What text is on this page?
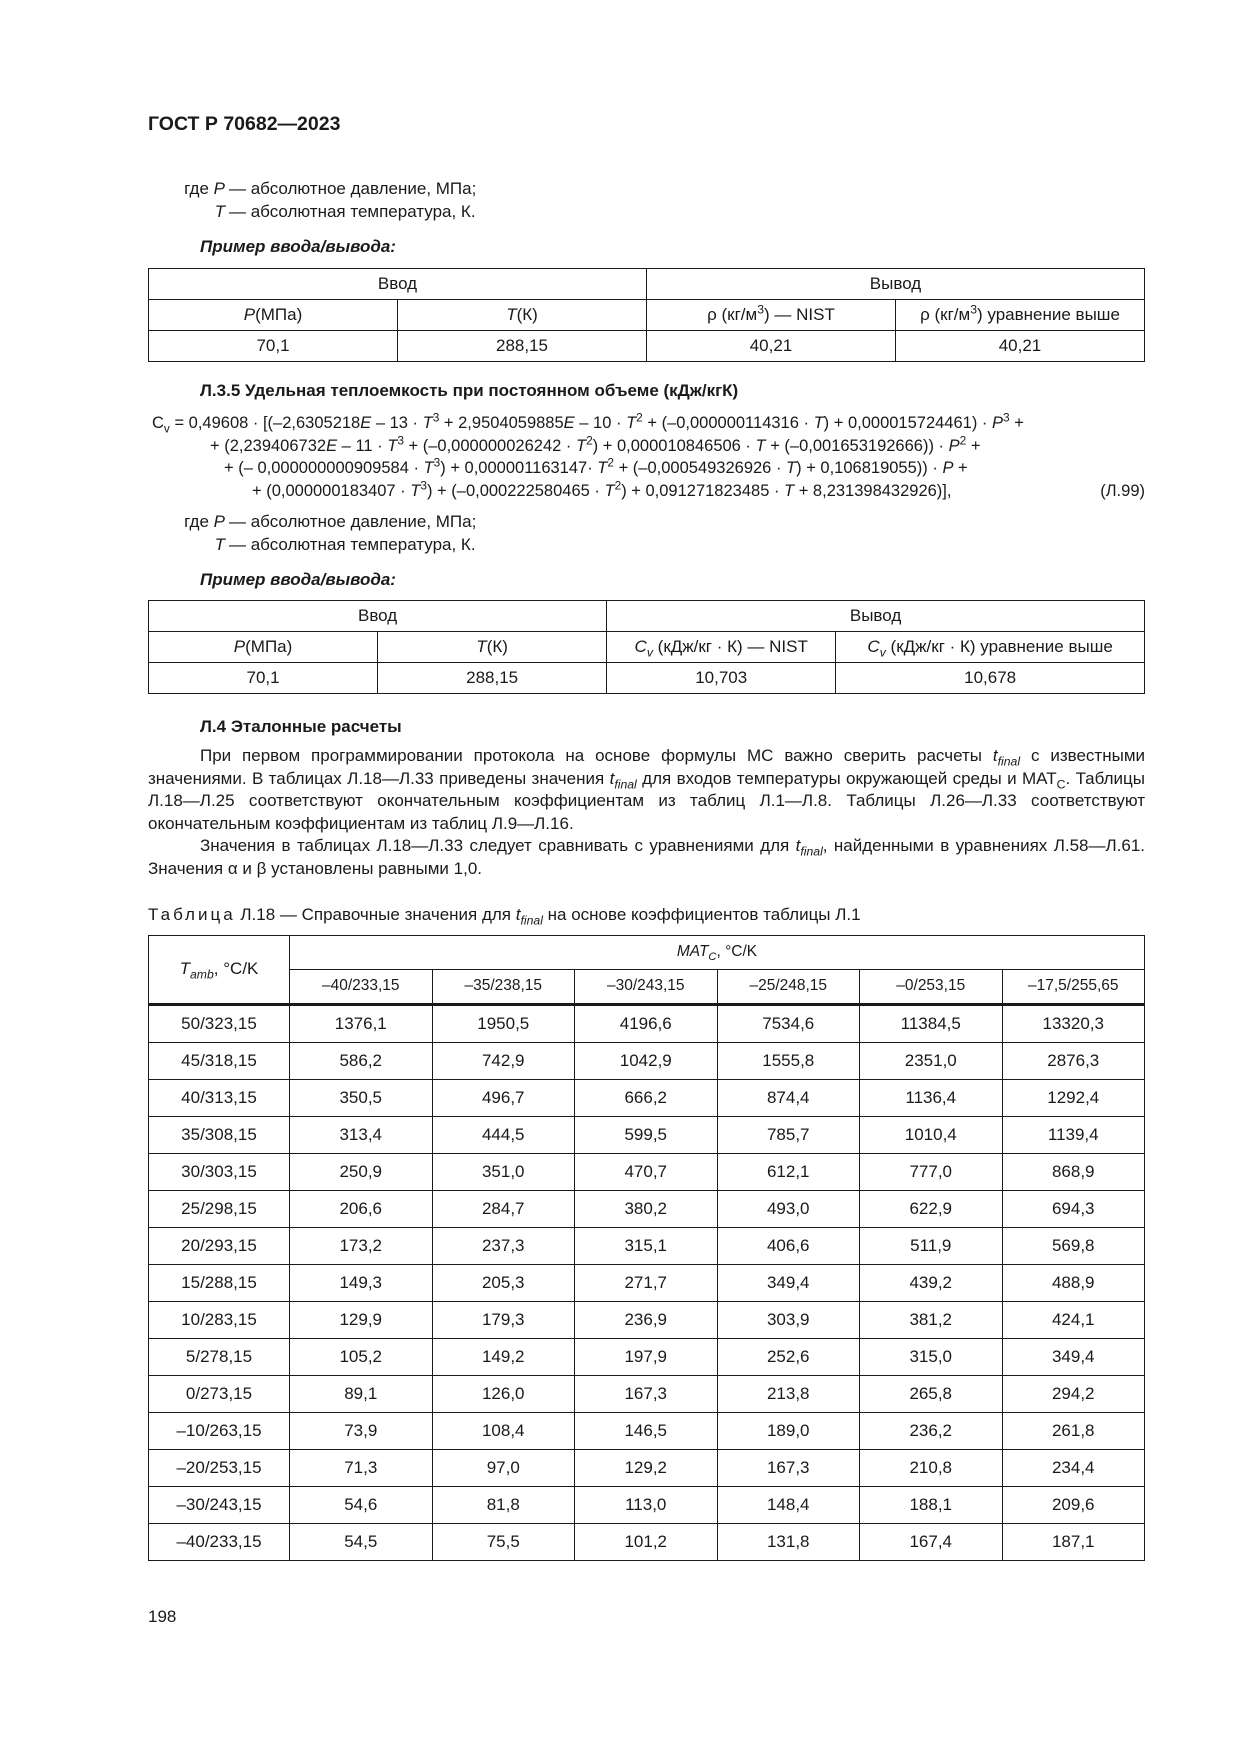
ГОСТ Р 70682—2023
где P — абсолютное давление, МПа;
T — абсолютная температура, К.
Пример ввода/вывода:
Ввод		Вывод	
P(МПа)	T(К)	ρ $(кг/м^3)$ — NIST	ρ $(кг/м^3)$ уравнение выше
70,1	288,15	40,21	40,21
Л.3.5 Удельная теплоемкость при постоянном объеме (кДж/кгК)
$C_v = 0,49608 \cdot [(-2,6305218E - 13 \cdot T^3 + 2,9504059885E - 10 \cdot T^2 + (-0,000000114316 \cdot T) + 0,000015724461) \cdot P^3$ +
+ $(2,239406732E - 11 \cdot T^3 + (-0,000000026242 \cdot T^2) + 0,000010846506 \cdot T + (-0,001653192666)) \cdot P^2$ +
+ (– $0,000000000909584 \cdot T^3) + 0,000001163147\cdot T^2 + (-0,000549326926 \cdot T) + 0,106819055)) \cdot P$ +
+ $(0,000000183407 \cdot T^3) + (-0,000222580465 \cdot T^2) + 0,091271823485 \cdot T + 8,231398432926$)],	(Л.99)
где P — абсолютное давление, МПа;
T — абсолютная температура, К.
Пример ввода/вывода:
Ввод		Вывод	
P(МПа)	T(К)	$C_v$ (кДж/кг · К) — NIST	$C_v$ (кДж/кг · К) уравнение выше
70,1	288,15	10,703	10,678
Л.4 Эталонные расчеты

При первом программировании протокола на основе формулы МС важно сверить расчеты $t_{final}$ с известными значениями. В таблицах Л.18—Л.33 приведены значения $t_{final}$ для входов температуры окружающей среды и $MAT_C$. Таблицы Л.18—Л.25 соответствуют окончательным коэффициентам из таблиц Л.1—Л.8. Таблицы Л.26—Л.33 соответствуют окончательным коэффициентам из таблиц Л.9—Л.16.

Значения в таблицах Л.18—Л.33 следует сравнивать с уравнениями для $t_{final}$, найденными в уравнениях Л.58—Л.61. Значения α и β установлены равными 1,0.

Таблица Л.18 — Справочные значения для $t_{final}$ на основе коэффициентов таблицы Л.1
$T_{amb}$, °C/K	$MAT_C$, °C/K					
	–40/233,15	–35/238,15	–30/243,15	–25/248,15	–0/253,15	–17,5/255,65
50/323,15	1376,1	1950,5	4196,6	7534,6	11384,5	13320,3
45/318,15	586,2	742,9	1042,9	1555,8	2351,0	2876,3
40/313,15	350,5	496,7	666,2	874,4	1136,4	1292,4
35/308,15	313,4	444,5	599,5	785,7	1010,4	1139,4
30/303,15	250,9	351,0	470,7	612,1	777,0	868,9
25/298,15	206,6	284,7	380,2	493,0	622,9	694,3
20/293,15	173,2	237,3	315,1	406,6	511,9	569,8
15/288,15	149,3	205,3	271,7	349,4	439,2	488,9
10/283,15	129,9	179,3	236,9	303,9	381,2	424,1
5/278,15	105,2	149,2	197,9	252,6	315,0	349,4
0/273,15	89,1	126,0	167,3	213,8	265,8	294,2
–10/263,15	73,9	108,4	146,5	189,0	236,2	261,8
–20/253,15	71,3	97,0	129,2	167,3	210,8	234,4
–30/243,15	54,6	81,8	113,0	148,4	188,1	209,6
–40/233,15	54,5	75,5	101,2	131,8	167,4	187,1
198
